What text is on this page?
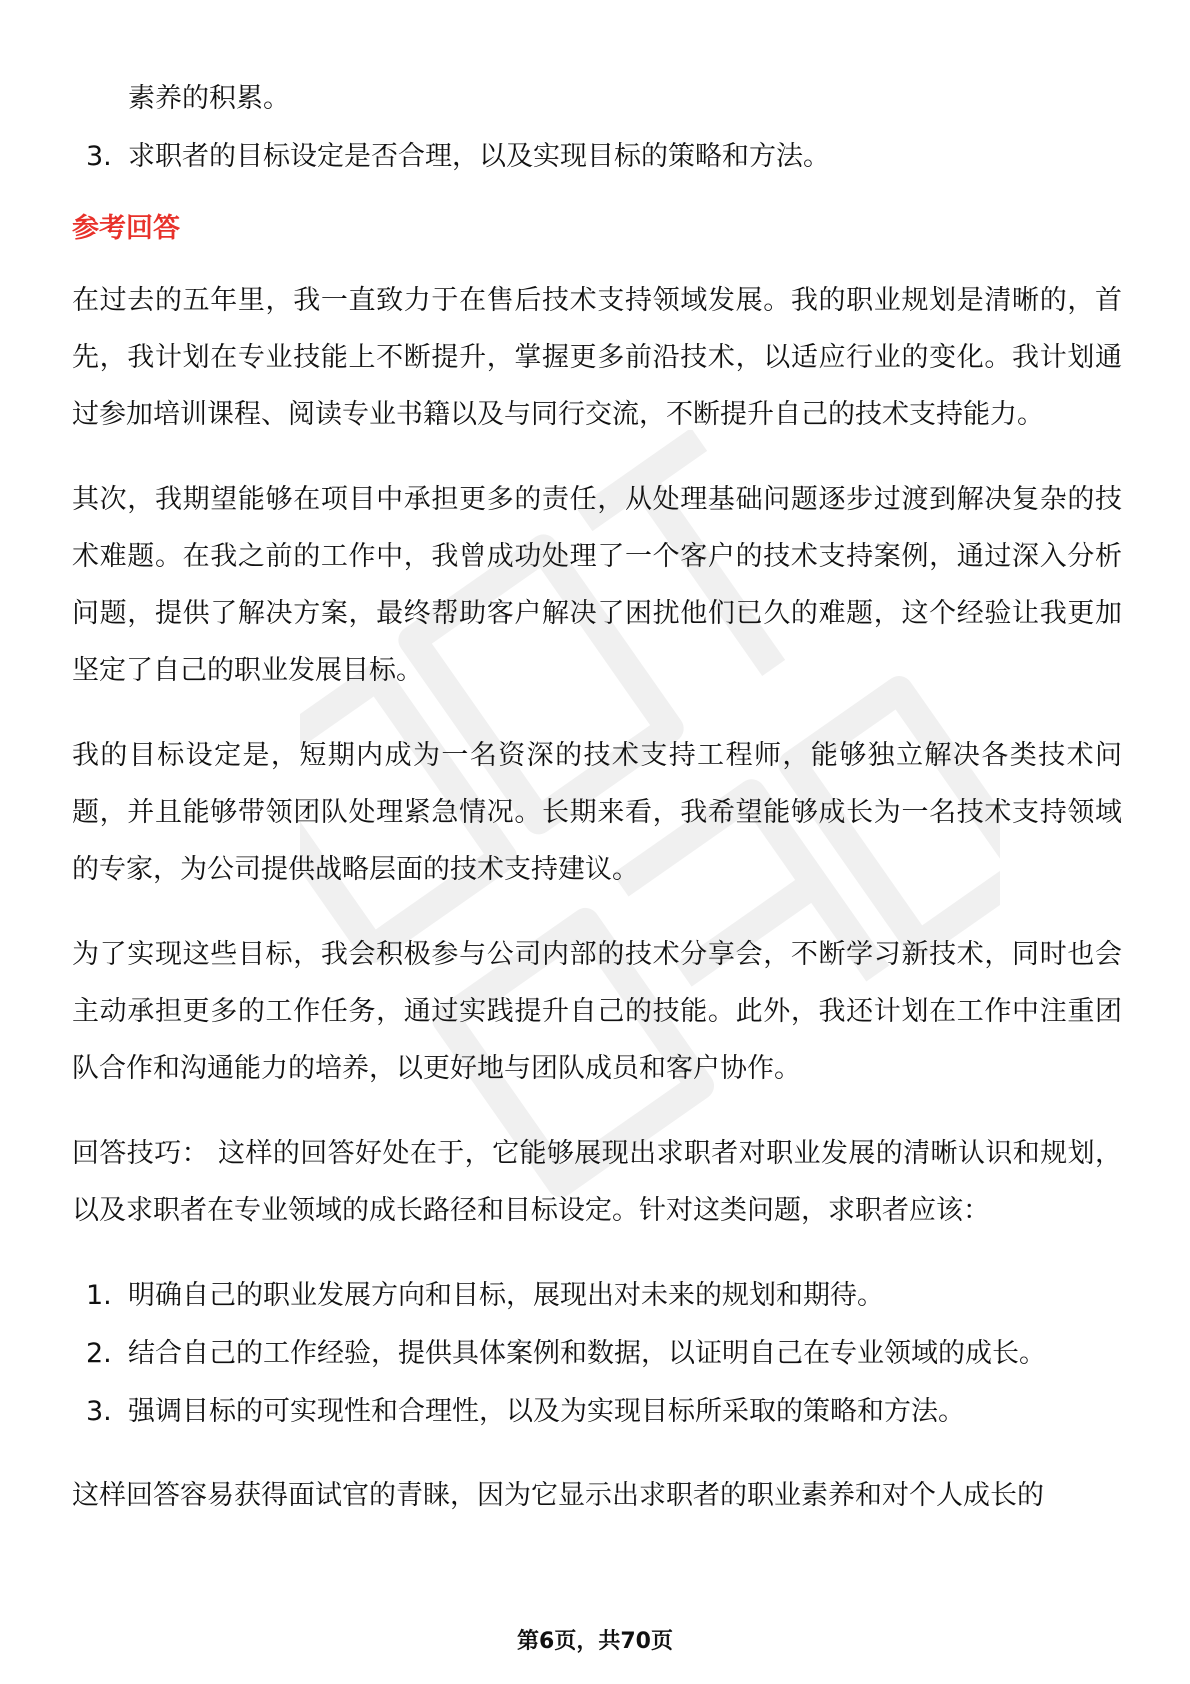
素养的积累。
3. 求职者的目标设定是否合理，以及实现目标的策略和方法。
参考回答

在过去的五年里，我一直致力于在售后技术支持领域发展。我的职业规划是清晰的，首先，我计划在专业技能上不断提升，掌握更多前沿技术，以适应行业的变化。我计划通过参加培训课程、阅读专业书籍以及与同行交流，不断提升自己的技术支持能力。

其次，我期望能够在项目中承担更多的责任，从处理基础问题逐步过渡到解决复杂的技术难题。在我之前的工作中，我曾成功处理了一个客户的技术支持案例，通过深入分析问题，提供了解决方案，最终帮助客户解决了困扰他们已久的难题，这个经验让我更加坚定了自己的职业发展目标。

我的目标设定是，短期内成为一名资深的技术支持工程师，能够独立解决各类技术问题，并且能够带领团队处理紧急情况。长期来看，我希望能够成长为一名技术支持领域的专家，为公司提供战略层面的技术支持建议。

为了实现这些目标，我会积极参与公司内部的技术分享会，不断学习新技术，同时也会主动承担更多的工作任务，通过实践提升自己的技能。此外，我还计划在工作中注重团队合作和沟通能力的培养，以更好地与团队成员和客户协作。

回答技巧： 这样的回答好处在于，它能够展现出求职者对职业发展的清晰认识和规划，以及求职者在专业领域的成长路径和目标设定。针对这类问题，求职者应该：

1. 明确自己的职业发展方向和目标，展现出对未来的规划和期待。
2. 结合自己的工作经验，提供具体案例和数据，以证明自己在专业领域的成长。
3. 强调目标的可实现性和合理性，以及为实现目标所采取的策略和方法。

这样回答容易获得面试官的青睐，因为它显示出求职者的职业素养和对个人成长的

第6页，共70页
